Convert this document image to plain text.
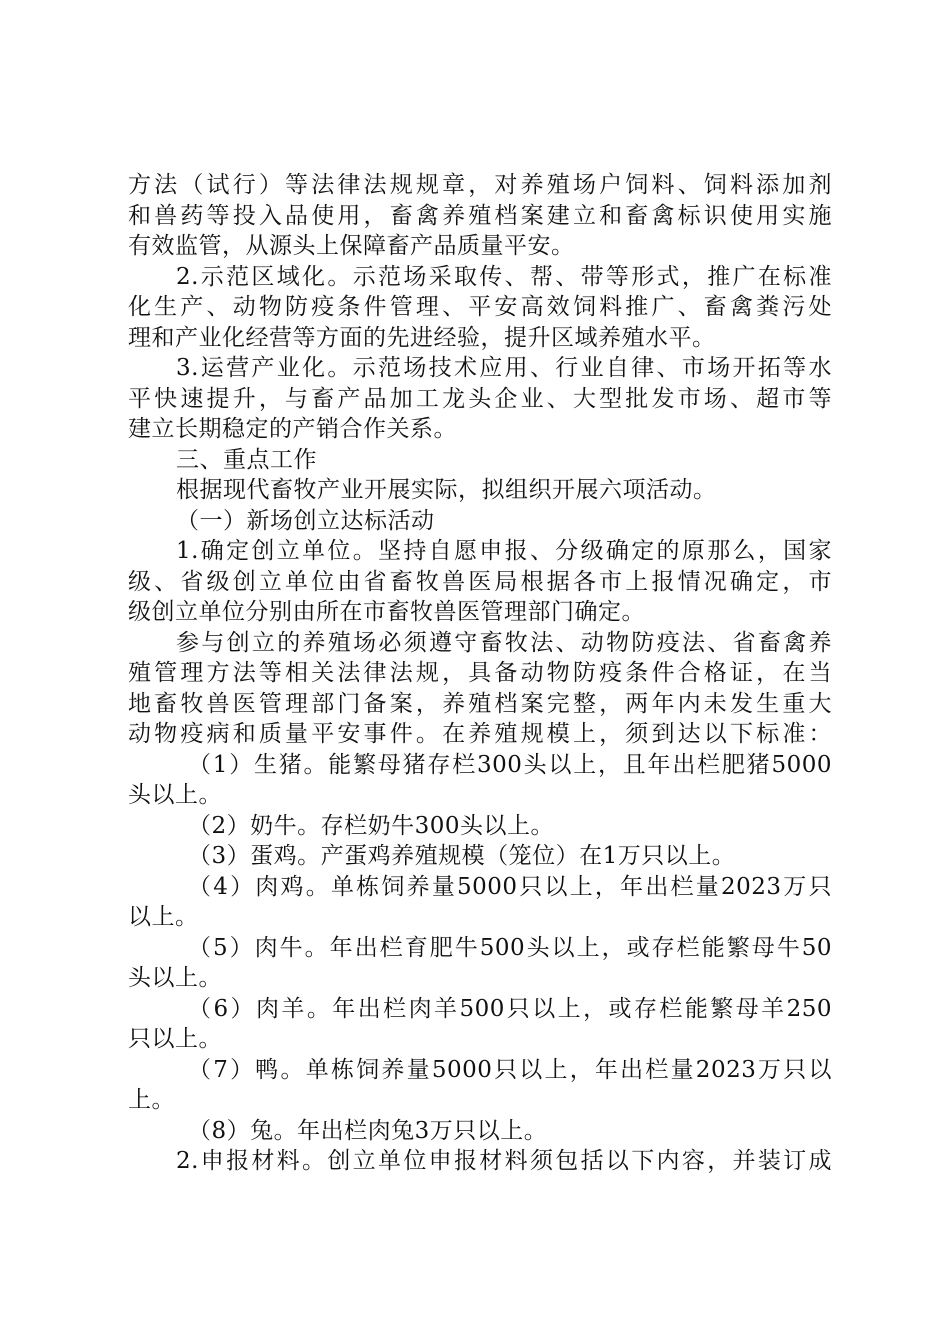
方法（试行）等法律法规规章，对养殖场户饲料、饲料添加剂
和兽药等投入品使用，畜禽养殖档案建立和畜禽标识使用实施
有效监管，从源头上保障畜产品质量平安。
2.示范区域化。示范场采取传、帮、带等形式，推广在标准
化生产、动物防疫条件管理、平安高效饲料推广、畜禽粪污处
理和产业化经营等方面的先进经验，提升区域养殖水平。
3.运营产业化。示范场技术应用、行业自律、市场开拓等水
平快速提升，与畜产品加工龙头企业、大型批发市场、超市等
建立长期稳定的产销合作关系。
三、重点工作
根据现代畜牧产业开展实际，拟组织开展六项活动。
（一）新场创立达标活动
1.确定创立单位。坚持自愿申报、分级确定的原那么，国家
级、省级创立单位由省畜牧兽医局根据各市上报情况确定，市
级创立单位分别由所在市畜牧兽医管理部门确定。
参与创立的养殖场必须遵守畜牧法、动物防疫法、省畜禽养
殖管理方法等相关法律法规，具备动物防疫条件合格证，在当
地畜牧兽医管理部门备案，养殖档案完整，两年内未发生重大
动物疫病和质量平安事件。在养殖规模上，须到达以下标准：
（1）生猪。能繁母猪存栏300头以上，且年出栏肥猪5000
头以上。
（2）奶牛。存栏奶牛300头以上。
（3）蛋鸡。产蛋鸡养殖规模（笼位）在1万只以上。
（4）肉鸡。单栋饲养量5000只以上，年出栏量2023万只
以上。
（5）肉牛。年出栏育肥牛500头以上，或存栏能繁母牛50
头以上。
（6）肉羊。年出栏肉羊500只以上，或存栏能繁母羊250
只以上。
（7）鸭。单栋饲养量5000只以上，年出栏量2023万只以
上。
（8）兔。年出栏肉兔3万只以上。
2.申报材料。创立单位申报材料须包括以下内容，并装订成
